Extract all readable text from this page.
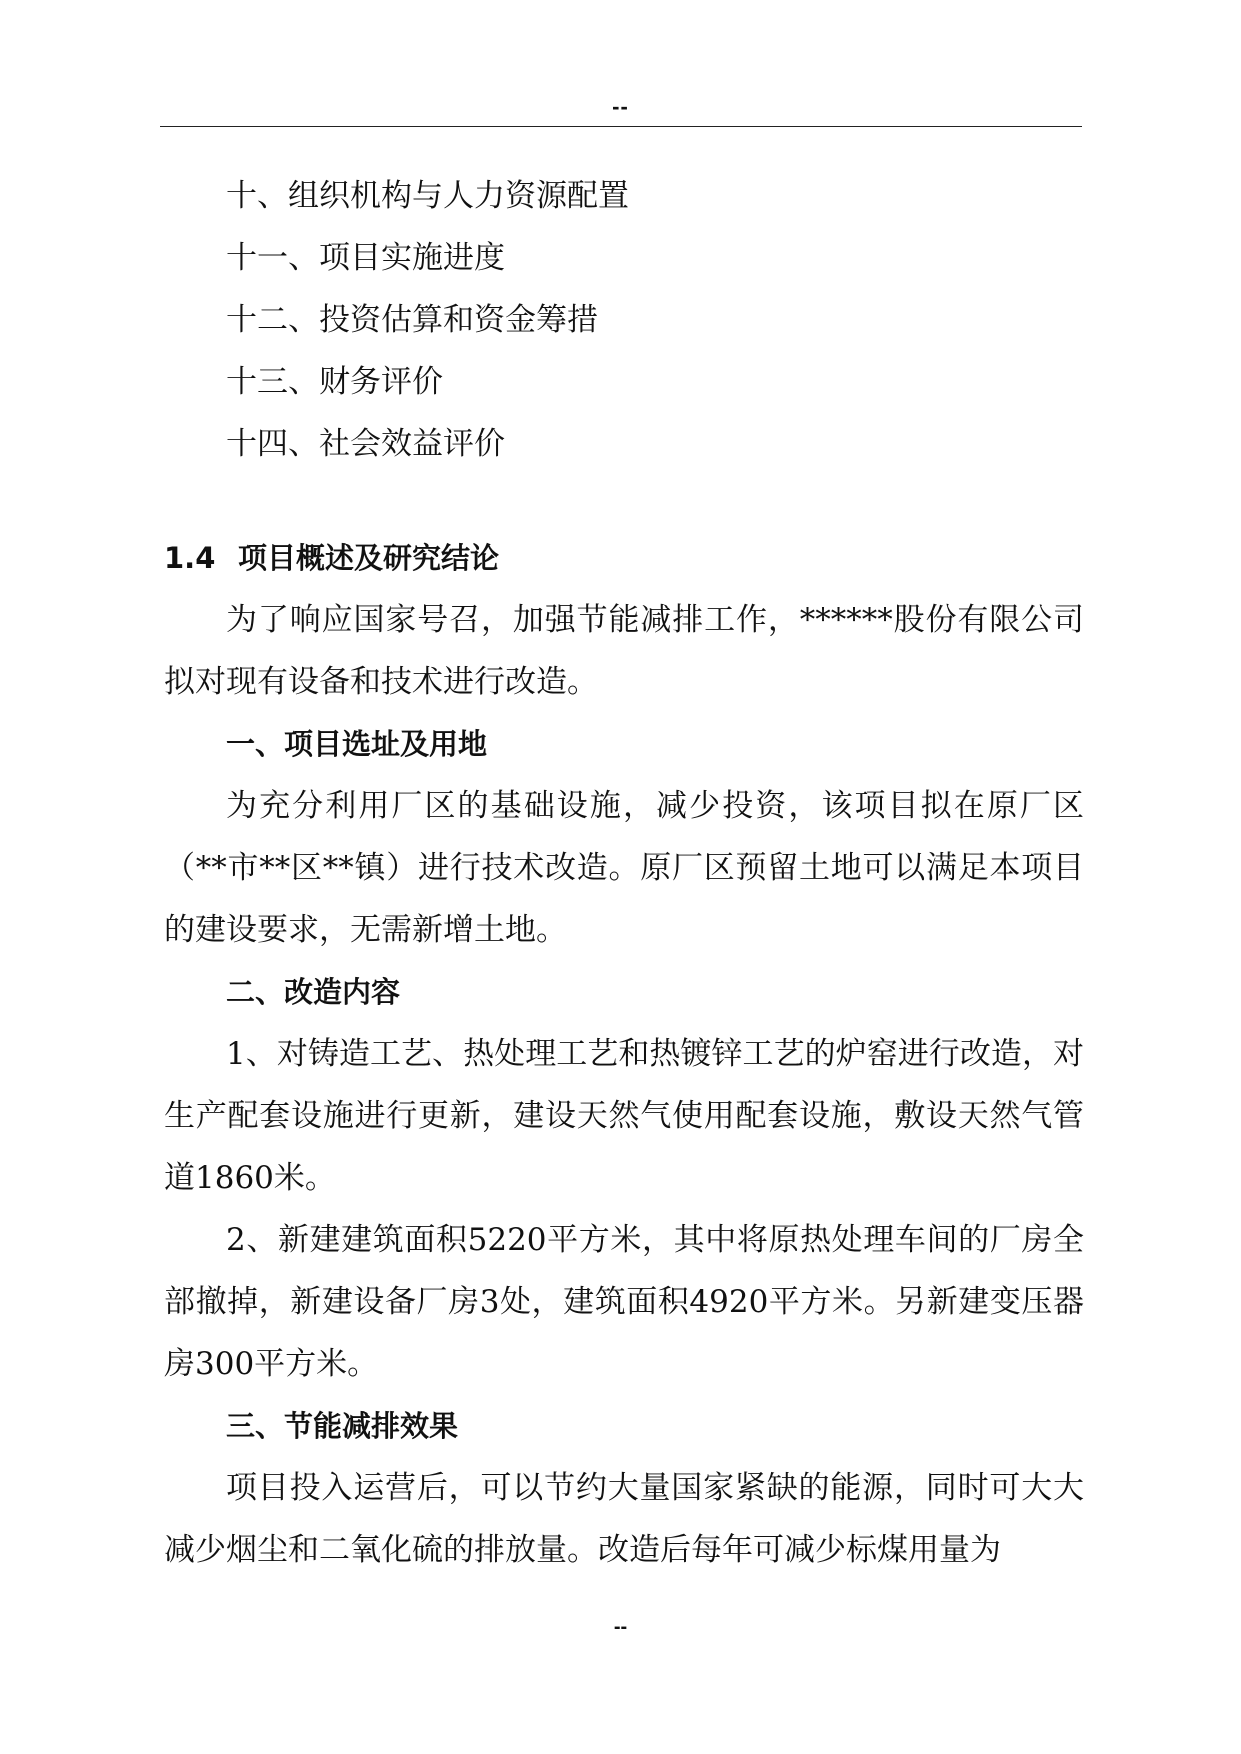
--
十、组织机构与人力资源配置
十一、项目实施进度
十二、投资估算和资金筹措
十三、财务评价
十四、社会效益评价
1.4 项目概述及研究结论

为了响应国家号召，加强节能减排工作，******股份有限公司拟对现有设备和技术进行改造。

一、项目选址及用地

为充分利用厂区的基础设施，减少投资，该项目拟在原厂区（**市**区**镇）进行技术改造。原厂区预留土地可以满足本项目的建设要求，无需新增土地。

二、改造内容

1、对铸造工艺、热处理工艺和热镀锌工艺的炉窑进行改造，对生产配套设施进行更新，建设天然气使用配套设施，敷设天然气管道1860米。

2、新建建筑面积5220平方米，其中将原热处理车间的厂房全部撤掉，新建设备厂房3处，建筑面积4920平方米。另新建变压器房300平方米。

三、节能减排效果

项目投入运营后，可以节约大量国家紧缺的能源，同时可大大减少烟尘和二氧化硫的排放量。改造后每年可减少标煤用量为

--
